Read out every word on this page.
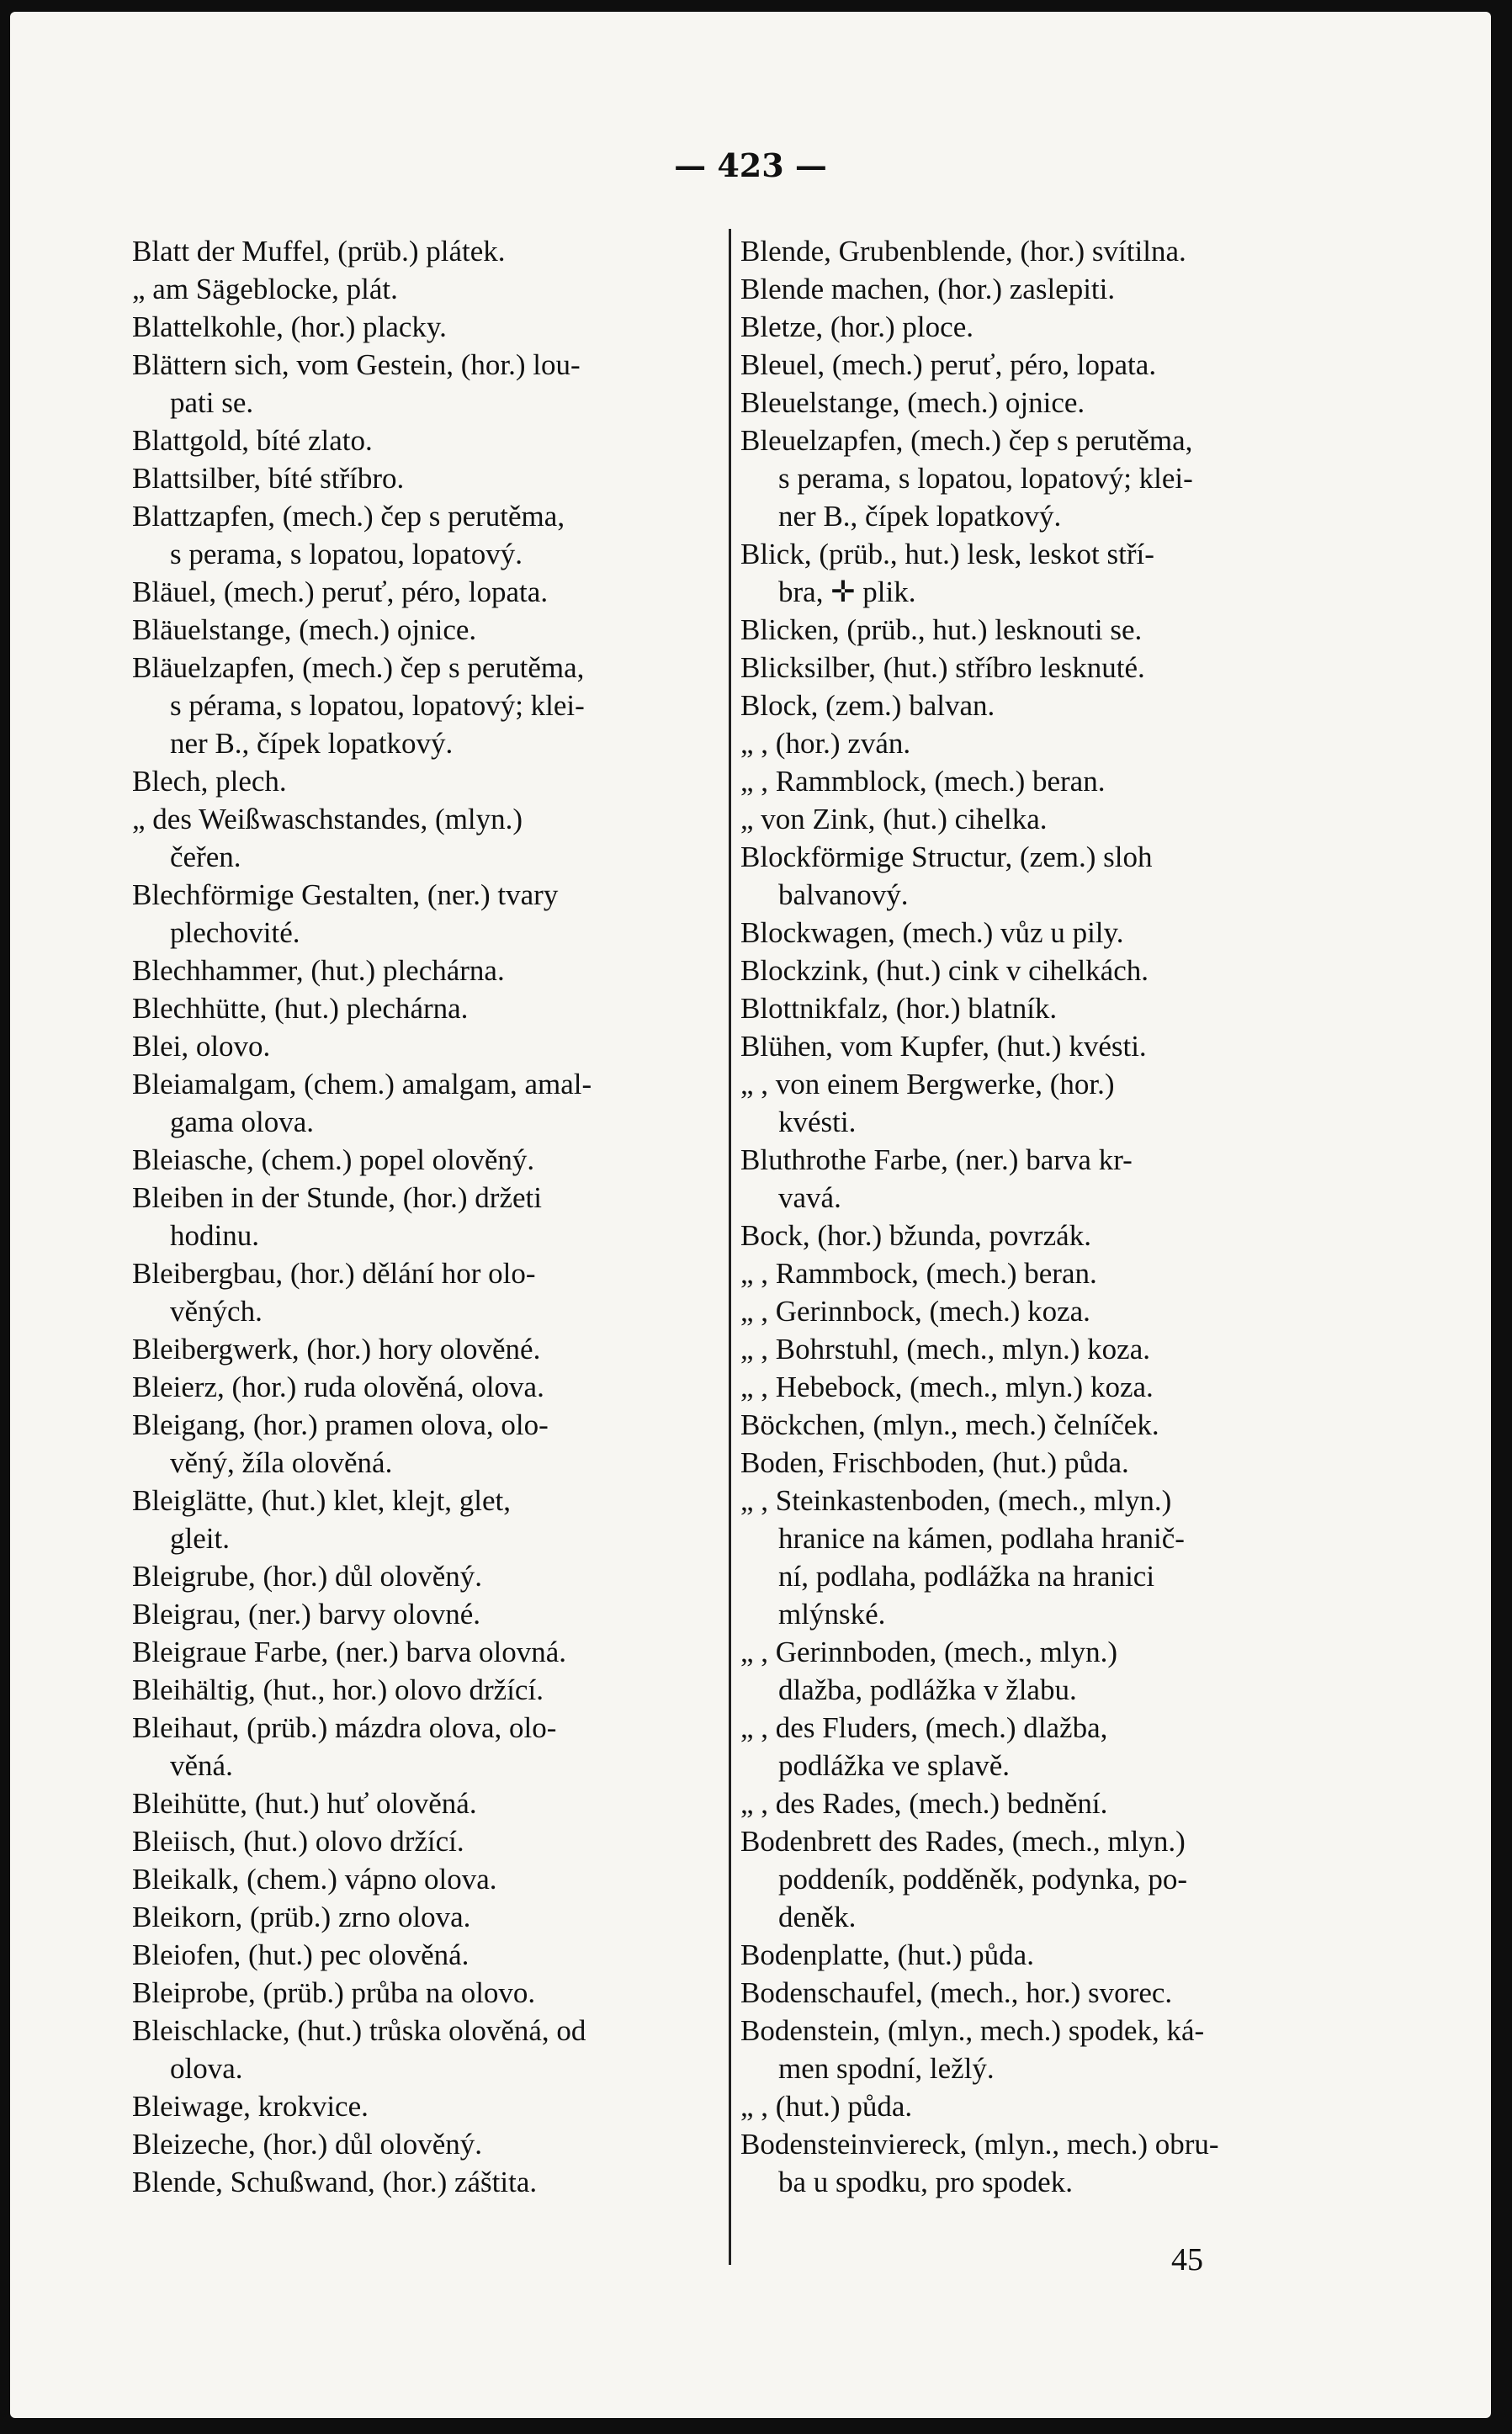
— 423 —
Blatt der Muffel, (prüb.) plátek.
„ am Sägeblocke, plát.
Blattelkohle, (hor.) placky.
Blättern sich, vom Gestein, (hor.) lou-
pati se.
Blattgold, bíté zlato.
Blattsilber, bíté stříbro.
Blattzapfen, (mech.) čep s perutěma,
s perama, s lopatou, lopatový.
Bläuel, (mech.) peruť, péro, lopata.
Bläuelstange, (mech.) ojnice.
Bläuelzapfen, (mech.) čep s perutěma,
s pérama, s lopatou, lopatový; klei-
ner B., čípek lopatkový.
Blech, plech.
„ des Weißwaschstandes, (mlyn.)
čeřen.
Blechförmige Gestalten, (ner.) tvary
plechovité.
Blechhammer, (hut.) plechárna.
Blechhütte, (hut.) plechárna.
Blei, olovo.
Bleiamalgam, (chem.) amalgam, amal-
gama olova.
Bleiasche, (chem.) popel olověný.
Bleiben in der Stunde, (hor.) držeti
hodinu.
Bleibergbau, (hor.) dělání hor olo-
věných.
Bleibergwerk, (hor.) hory olověné.
Bleierz, (hor.) ruda olověná, olova.
Bleigang, (hor.) pramen olova, olo-
věný, žíla olověná.
Bleiglätte, (hut.) klet, klejt, glet,
gleit.
Bleigrube, (hor.) důl olověný.
Bleigrau, (ner.) barvy olovné.
Bleigraue Farbe, (ner.) barva olovná.
Bleihältig, (hut., hor.) olovo držící.
Bleihaut, (prüb.) mázdra olova, olo-
věná.
Bleihütte, (hut.) huť olověná.
Bleiisch, (hut.) olovo držící.
Bleikalk, (chem.) vápno olova.
Bleikorn, (prüb.) zrno olova.
Bleiofen, (hut.) pec olověná.
Bleiprobe, (prüb.) průba na olovo.
Bleischlacke, (hut.) trůska olověná, od
olova.
Bleiwage, krokvice.
Bleizeche, (hor.) důl olověný.
Blende, Schußwand, (hor.) záštita.
Blende, Grubenblende, (hor.) svítilna.
Blende machen, (hor.) zaslepiti.
Bletze, (hor.) ploce.
Bleuel, (mech.) peruť, péro, lopata.
Bleuelstange, (mech.) ojnice.
Bleuelzapfen, (mech.) čep s perutěma,
s perama, s lopatou, lopatový; klei-
ner B., čípek lopatkový.
Blick, (prüb., hut.) lesk, leskot stří-
bra, ✛ plik.
Blicken, (prüb., hut.) lesknouti se.
Blicksilber, (hut.) stříbro lesknuté.
Block, (zem.) balvan.
„ , (hor.) zván.
„ , Rammblock, (mech.) beran.
„ von Zink, (hut.) cihelka.
Blockförmige Structur, (zem.) sloh
balvanový.
Blockwagen, (mech.) vůz u pily.
Blockzink, (hut.) cink v cihelkách.
Blottnikfalz, (hor.) blatník.
Blühen, vom Kupfer, (hut.) kvésti.
„ , von einem Bergwerke, (hor.)
kvésti.
Bluthrothe Farbe, (ner.) barva kr-
vavá.
Bock, (hor.) bžunda, povrzák.
„ , Rammbock, (mech.) beran.
„ , Gerinnbock, (mech.) koza.
„ , Bohrstuhl, (mech., mlyn.) koza.
„ , Hebebock, (mech., mlyn.) koza.
Böckchen, (mlyn., mech.) čelníček.
Boden, Frischboden, (hut.) půda.
„ , Steinkastenboden, (mech., mlyn.)
hranice na kámen, podlaha hranič-
ní, podlaha, podlážka na hranici
mlýnské.
„ , Gerinnboden, (mech., mlyn.)
dlažba, podlážka v žlabu.
„ , des Fluders, (mech.) dlažba,
podlážka ve splavě.
„ , des Rades, (mech.) bednění.
Bodenbrett des Rades, (mech., mlyn.)
poddeník, podděněk, podynka, po-
deněk.
Bodenplatte, (hut.) půda.
Bodenschaufel, (mech., hor.) svorec.
Bodenstein, (mlyn., mech.) spodek, ká-
men spodní, ležlý.
„ , (hut.) půda.
Bodensteinviereck, (mlyn., mech.) obru-
ba u spodku, pro spodek.
45
